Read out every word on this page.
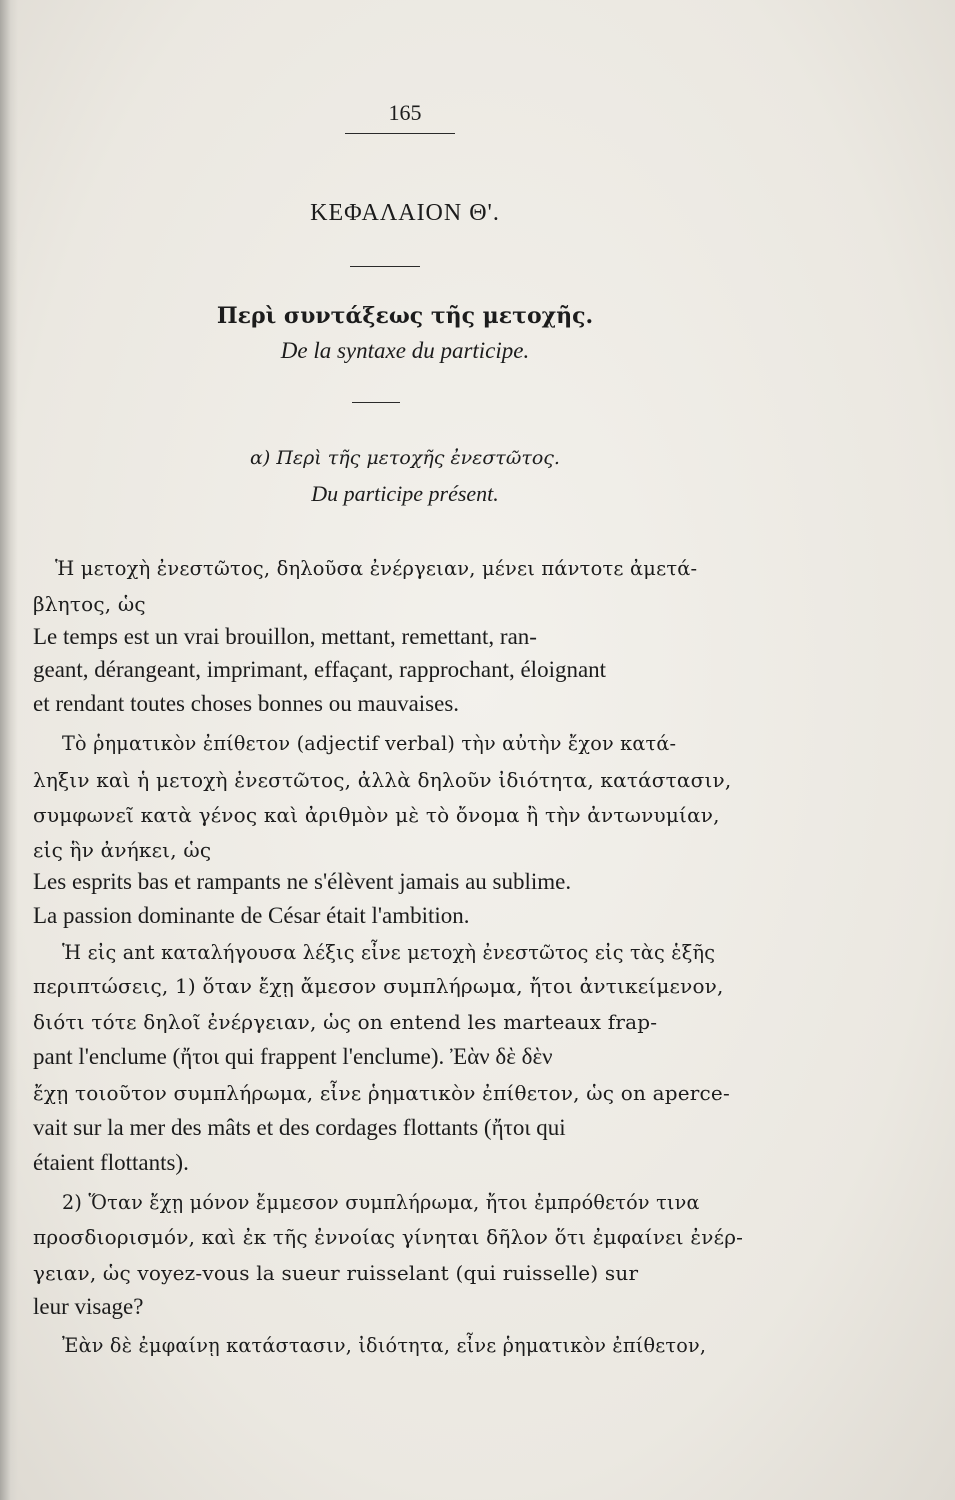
165
ΚΕΦΑΛΑΙΟΝ Θ'.
Περὶ συντάξεως τῆς μετοχῆς.
De la syntaxe du participe.
α) Περὶ τῆς μετοχῆς ἐνεστῶτος.
Du participe présent.
Ἡ μετοχὴ ἐνεστῶτος, δηλοῦσα ἐνέργειαν, μένει πάντοτε ἀμετά-
βλητος, ὡς
Le temps est un vrai brouillon, mettant, remettant, ran-
geant, dérangeant, imprimant, effaçant, rapprochant, éloignant
et rendant toutes choses bonnes ou mauvaises.
Τὸ ῥηματικὸν ἐπίθετον (adjectif verbal) τὴν αὐτὴν ἔχον κατά-
ληξιν καὶ ἡ μετοχὴ ἐνεστῶτος, ἀλλὰ δηλοῦν ἰδιότητα, κατάστασιν,
συμφωνεῖ κατὰ γένος καὶ ἀριθμὸν μὲ τὸ ὄνομα ἢ τὴν ἀντωνυμίαν,
εἰς ἣν ἀνήκει, ὡς
Les esprits bas et rampants ne s'élèvent jamais au sublime.
La passion dominante de César était l'ambition.
Ἡ εἰς ant καταλήγουσα λέξις εἶνε μετοχὴ ἐνεστῶτος εἰς τὰς ἑξῆς
περιπτώσεις, 1) ὅταν ἔχῃ ἄμεσον συμπλήρωμα, ἤτοι ἀντικείμενον,
διότι τότε δηλοῖ ἐνέργειαν, ὡς on entend les marteaux frap-
pant l'enclume (ἤτοι qui frappent l'enclume). Ἐὰν δὲ δὲν
ἔχῃ τοιοῦτον συμπλήρωμα, εἶνε ῥηματικὸν ἐπίθετον, ὡς on aperce-
vait sur la mer des mâts et des cordages flottants (ἤτοι qui
étaient flottants).
2) Ὅταν ἔχῃ μόνον ἔμμεσον συμπλήρωμα, ἤτοι ἐμπρόθετόν τινα
προσδιορισμόν, καὶ ἐκ τῆς ἐννοίας γίνηται δῆλον ὅτι ἐμφαίνει ἐνέρ-
γειαν, ὡς voyez-vous la sueur ruisselant (qui ruisselle) sur
leur visage?
Ἐὰν δὲ ἐμφαίνῃ κατάστασιν, ἰδιότητα, εἶνε ῥηματικὸν ἐπίθετον,
